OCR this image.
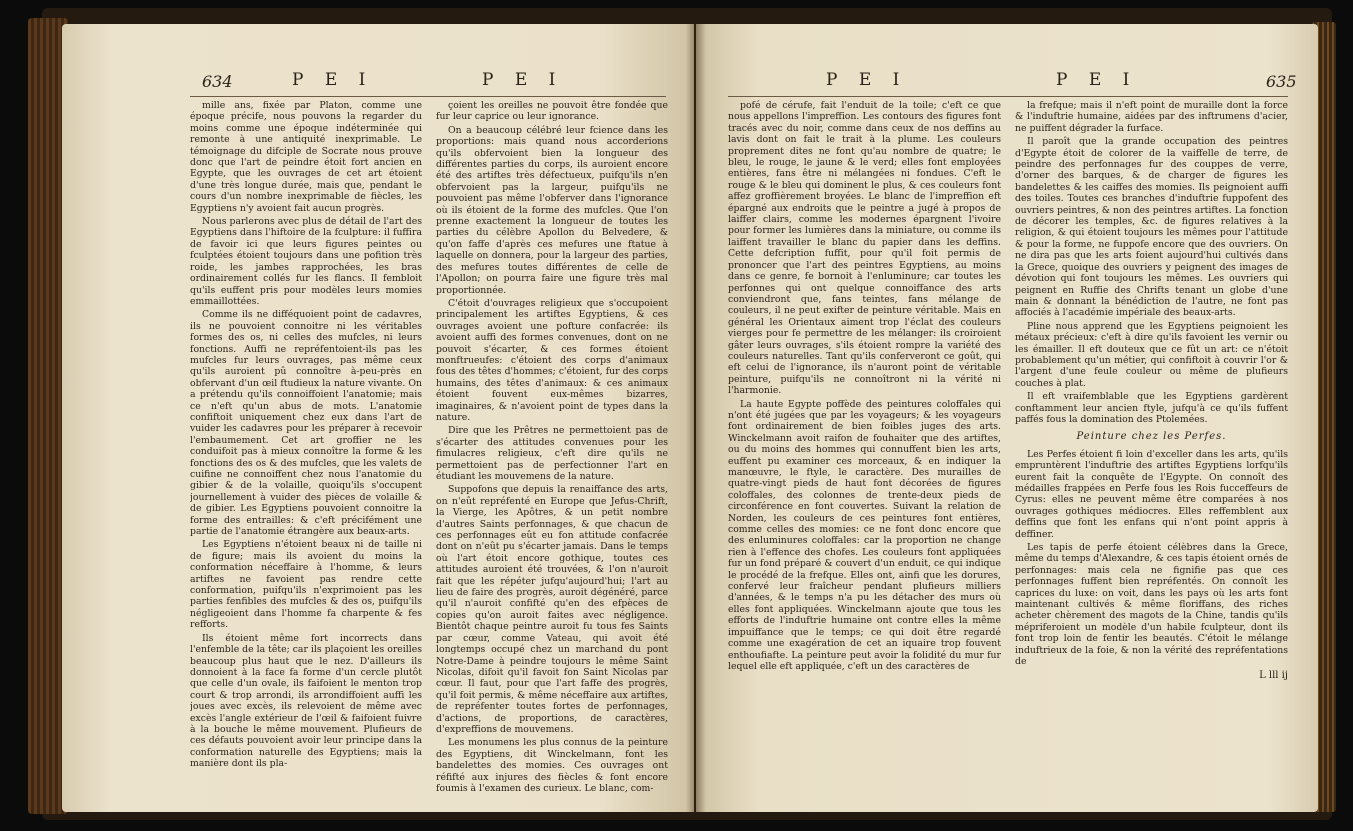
634	P E I	P E I

mille ans, fixée par Platon, comme une époque précife, nous pouvons la regarder du moins comme une époque indéterminée qui remonte à une antiquité inexprimable. Le témoignage du difciple de Socrate nous prouve donc que l'art de peindre étoit fort ancien en Egypte, que les ouvrages de cet art étoient d'une très longue durée, mais que, pendant le cours d'un nombre inexprimable de fiècles, les Egyptiens n'y avoient fait aucun progrès.

Nous parlerons avec plus de détail de l'art des Egyptiens dans l'hiftoire de la fculpture: il fuffira de favoir ici que leurs figures peintes ou fculptées étoient toujours dans une pofition très roide, les jambes rapprochées, les bras ordinairement collés fur les flancs. Il fembloit qu'ils euffent pris pour modèles leurs momies emmaillottées.

Comme ils ne difféquoient point de cadavres, ils ne pouvoient connoitre ni les véritables formes des os, ni celles des mufcles, ni leurs fonctions. Auffi ne repréfentoient-ils pas les mufcles fur leurs ouvrages, pas même ceux qu'ils auroient pû connoître à-peu-près en obfervant d'un œil ftudieux la nature vivante. On a prétendu qu'ils connoiffoient l'anatomie; mais ce n'eft qu'un abus de mots. L'anatomie confiftoit uniquement chez eux dans l'art de vuider les cadavres pour les préparer à recevoir l'embaumement. Cet art groffier ne les conduifoit pas à mieux connoître la forme & les fonctions des os & des mufcles, que les valets de cuifine ne connoiffent chez nous l'anatomie du gibier & de la volaille, quoiqu'ils s'occupent journellement à vuider des pièces de volaille & de gibier. Les Egyptiens pouvoient connoitre la forme des entrailles: & c'eft précifément une partie de l'anatomie étrangère aux beaux-arts.

Les Egyptiens n'étoient beaux ni de taille ni de figure; mais ils avoient du moins la conformation néceffaire à l'homme, & leurs artiftes ne favoient pas rendre cette conformation, puifqu'ils n'exprimoient pas les parties fenfibles des mufcles & des os, puifqu'ils négligeoient dans l'homme fa charpente & fes refforts.

Ils étoient même fort incorrects dans l'enfemble de la tête; car ils plaçoient les oreilles beaucoup plus haut que le nez. D'ailleurs ils donnoient à la face fa forme d'un cercle plutôt que celle d'un ovale, ils faifoient le menton trop court & trop arrondi, ils arrondiffoient auffi les joues avec excès, ils relevoient de même avec excès l'angle extérieur de l'œil & faifoient fuivre à la bouche le même mouvement. Plufieurs de ces défauts pouvoient avoir leur principe dans la conformation naturelle des Egyptiens; mais la manière dont ils pla-

çoient les oreilles ne pouvoit être fondée que fur leur caprice ou leur ignorance.

On a beaucoup célébré leur fcience dans les proportions: mais quand nous accorderions qu'ils obfervoient bien la longueur des différentes parties du corps, ils auroient encore été des artiftes très défectueux, puifqu'ils n'en obfervoient pas la largeur, puifqu'ils ne pouvoient pas même l'obferver dans l'ignorance où ils étoient de la forme des mufcles. Que l'on prenne exactement la longueur de toutes les parties du célèbre Apollon du Belvedere, & qu'on faffe d'après ces mefures une ftatue à laquelle on donnera, pour la largeur des parties, des mefures toutes différentes de celle de l'Apollon; on pourra faire une figure très mal proportionnée.

C'étoit d'ouvrages religieux que s'occupoient principalement les artiftes Egyptiens, & ces ouvrages avoient une pofture confacrée: ils avoient auffi des formes convenues, dont on ne pouvoit s'écarter, & ces formes étoient monftrueufes: c'étoient des corps d'animaux fous des têtes d'hommes; c'étoient, fur des corps humains, des têtes d'animaux: & ces animaux étoient fouvent eux-mêmes bizarres, imaginaires, & n'avoient point de types dans la nature.

Dire que les Prêtres ne permettoient pas de s'écarter des attitudes convenues pour les fimulacres religieux, c'eft dire qu'ils ne permettoient pas de perfectionner l'art en étudiant les mouvemens de la nature.

Suppofons que depuis la renaiffance des arts, on n'eût repréfenté en Europe que Jefus-Chrift, la Vierge, les Apôtres, & un petit nombre d'autres Saints perfonnages, & que chacun de ces perfonnages eût eu fon attitude confacrée dont on n'eût pu s'écarter jamais. Dans le temps où l'art étoit encore gothique, toutes ces attitudes auroient été trouvées, & l'on n'auroit fait que les répéter jufqu'aujourd'hui; l'art au lieu de faire des progrès, auroit dégénéré, parce qu'il n'auroit confifté qu'en des efpèces de copies qu'on auroit faites avec négligence. Bientôt chaque peintre auroit fu tous fes Saints par cœur, comme Vateau, qui avoit été longtemps occupé chez un marchand du pont Notre-Dame à peindre toujours le même Saint Nicolas, difoit qu'il favoit fon Saint Nicolas par cœur. Il faut, pour que l'art faffe des progrès, qu'il foit permis, & même néceffaire aux artiftes, de repréfenter toutes fortes de perfonnages, d'actions, de proportions, de caractères, d'expreffions de mouvemens.

Les monumens les plus connus de la peinture des Egyptiens, dit Winckelmann, font les bandelettes des momies. Ces ouvrages ont réfifté aux injures des fiècles & font encore foumis à l'examen des curieux. Le blanc, com-

P E I	P E I	635

pofé de cérufe, fait l'enduit de la toile; c'eft ce que nous appellons l'impreffion. Les contours des figures font tracés avec du noir, comme dans ceux de nos deffins au lavis dont on fait le trait à la plume. Les couleurs proprement dites ne font qu'au nombre de quatre; le bleu, le rouge, le jaune & le verd; elles font employées entières, fans être ni mélangées ni fondues. C'eft le rouge & le bleu qui dominent le plus, & ces couleurs font affez groffièrement broyées. Le blanc de l'impreffion eft épargné aux endroits que le peintre a jugé à propos de laiffer clairs, comme les modernes épargnent l'ivoire pour former les lumières dans la miniature, ou comme ils laiffent travailler le blanc du papier dans les deffins. Cette defcription fuffit, pour qu'il foit permis de prononcer que l'art des peintres Egyptiens, au moins dans ce genre, fe bornoit à l'enluminure; car toutes les perfonnes qui ont quelque connoiffance des arts conviendront que, fans teintes, fans mélange de couleurs, il ne peut exifter de peinture véritable. Mais en général les Orientaux aiment trop l'éclat des couleurs vierges pour fe permettre de les mélanger: ils croiroient gâter leurs ouvrages, s'ils étoient rompre la variété des couleurs naturelles. Tant qu'ils conferveront ce goût, qui eft celui de l'ignorance, ils n'auront point de véritable peinture, puifqu'ils ne connoîtront ni la vérité ni l'harmonie.

La haute Egypte poffède des peintures coloffales qui n'ont été jugées que par les voyageurs; & les voyageurs font ordinairement de bien foibles juges des arts. Winckelmann avoit raifon de fouhaiter que des artiftes, ou du moins des hommes qui connuffent bien les arts, euffent pu examiner ces morceaux, & en indiquer la manœuvre, le ftyle, le caractère. Des murailles de quatre-vingt pieds de haut font décorées de figures coloffales, des colonnes de trente-deux pieds de circonférence en font couvertes. Suivant la relation de Norden, les couleurs de ces peintures font entières, comme celles des momies: ce ne font donc encore que des enluminures coloffales: car la proportion ne change rien à l'effence des chofes. Les couleurs font appliquées fur un fond préparé & couvert d'un enduit, ce qui indique le procédé de la frefque. Elles ont, ainfi que les dorures, confervé leur fraîcheur pendant plufieurs milliers d'années, & le temps n'a pu les détacher des murs où elles font appliquées. Winckelmann ajoute que tous les efforts de l'induftrie humaine ont contre elles la même impuiffance que le temps; ce qui doit être regardé comme une exagération de cet an iquaire trop fouvent enthoufiafte. La peinture peut avoir la folidité du mur fur lequel elle eft appliquée, c'eft un des caractères de

la frefque; mais il n'eft point de muraille dont la force & l'induftrie humaine, aidées par des inftrumens d'acier, ne puiffent dégrader la furface.

Il paroît que la grande occupation des peintres d'Egypte étoit de colorer de la vaiffelle de terre, de peindre des perfonnages fur des couppes de verre, d'orner des barques, & de charger de figures les bandelettes & les caiffes des momies. Ils peignoient auffi des toiles. Toutes ces branches d'induftrie fuppofent des ouvriers peintres, & non des peintres artiftes. La fonction de décorer les temples, &c. de figures relatives à la religion, & qui étoient toujours les mêmes pour l'attitude & pour la forme, ne fuppofe encore que des ouvriers. On ne dira pas que les arts foient aujourd'hui cultivés dans la Grece, quoique des ouvriers y peignent des images de dévotion qui font toujours les mêmes. Les ouvriers qui peignent en Ruffie des Chrifts tenant un globe d'une main & donnant la bénédiction de l'autre, ne font pas affociés à l'académie impériale des beaux-arts.

Pline nous apprend que les Egyptiens peignoient les métaux précieux: c'eft à dire qu'ils favoient les vernir ou les émailler. Il eft douteux que ce fût un art: ce n'étoit probablement qu'un métier, qui confiftoit à couvrir l'or & l'argent d'une feule couleur ou même de plufieurs couches à plat.

Il eft vraifemblable que les Egyptiens gardèrent conftamment leur ancien ftyle, jufqu'à ce qu'ils fuffent paffés fous la domination des Ptolemées.

Peinture chez les Perfes.

Les Perfes étoient fi loin d'exceller dans les arts, qu'ils empruntèrent l'induftrie des artiftes Egyptiens lorfqu'ils eurent fait la conquête de l'Egypte. On connoît des médailles frappées en Perfe fous les Rois fucceffeurs de Cyrus: elles ne peuvent même être comparées à nos ouvrages gothiques médiocres. Elles reffemblent aux deffins que font les enfans qui n'ont point appris à deffiner.

Les tapis de perfe étoient célèbres dans la Grece, même du temps d'Alexandre, & ces tapis étoient ornés de perfonnages: mais cela ne fignifie pas que ces perfonnages fuffent bien repréfentés. On connoît les caprices du luxe: on voit, dans les pays où les arts font maintenant cultivés & même floriffans, des riches acheter chèrement des magots de la Chine, tandis qu'ils mépriferoient un modèle d'un habile fculpteur, dont ils font trop loin de fentir les beautés. C'étoit le mélange induftrieux de la foie, & non la vérité des repréfentations de

L lll ij
